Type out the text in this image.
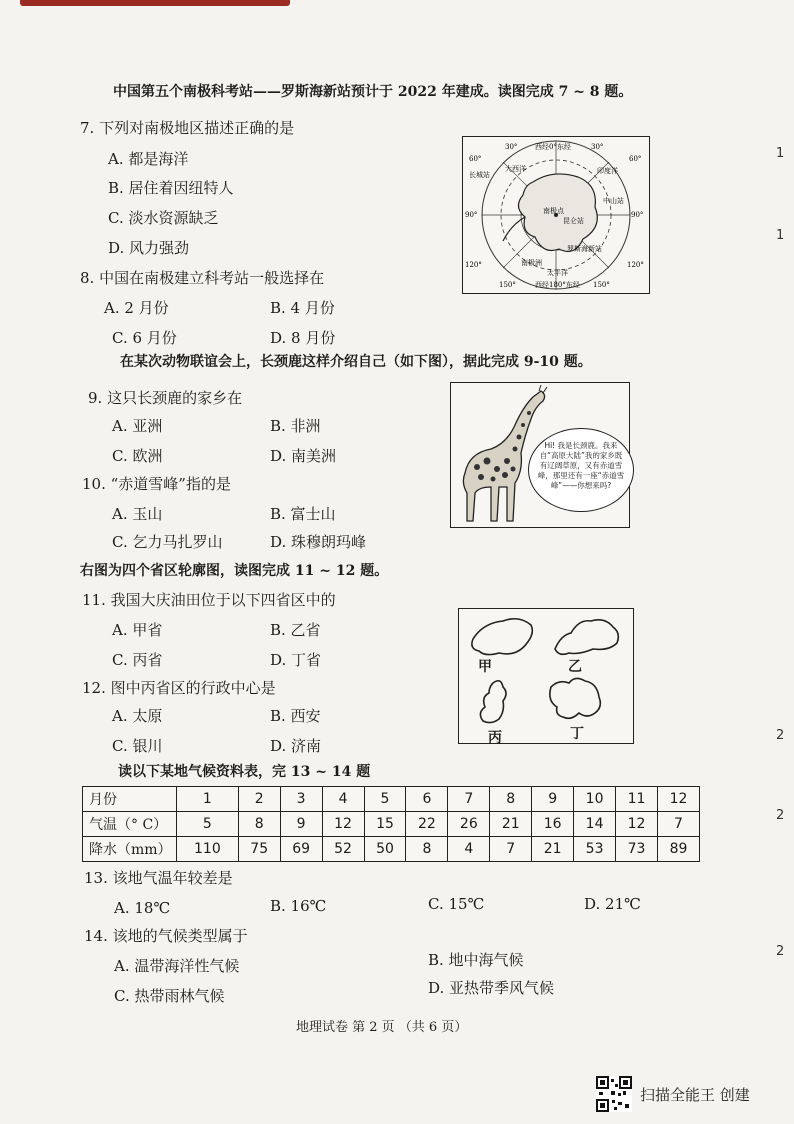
中国第五个南极科考站——罗斯海新站预计于 2022 年建成。读图完成 7 ~ 8 题。
7. 下列对南极地区描述正确的是
A. 都是海洋
B. 居住着因纽特人
C. 淡水资源缺乏
D. 风力强劲
西经0°东经
印度洋
大西洋
长城站
中山站
南极点
昆仑站
罗斯海新站
太平洋
西经180°东经
南极洲
30°	30°
60°	60°
90°	90°
120°	120°
150°	150°
8. 中国在南极建立科考站一般选择在
A. 2 月份	B. 4 月份
C. 6 月份	D. 8 月份
在某次动物联谊会上，长颈鹿这样介绍自己（如下图），据此完成 9-10 题。
9. 这只长颈鹿的家乡在
A. 亚洲	B. 非洲
C. 欧洲	D. 南美洲
Hi! 我是长颈鹿。我来自“高原大陆”我的家乡既有辽阔草原，又有赤道雪峰，那里还有一座“赤道雪峰”——你想来吗?
10. “赤道雪峰”指的是
A. 玉山	B. 富士山
C. 乞力马扎罗山	D. 珠穆朗玛峰
右图为四个省区轮廓图，读图完成 11 ~ 12 题。
11. 我国大庆油田位于以下四省区中的
A. 甲省	B. 乙省
C. 丙省	D. 丁省	甲	乙
丙	丁
12. 图中丙省区的行政中心是
A. 太原	B. 西安
C. 银川	D. 济南
读以下某地气候资料表，完 13 ~ 14 题
月份	1	2	3	4	5	6	7	8	9	10	11	12
气温（° C）	5	8	9	12	15	22	26	21	16	14	12	7
降水（mm）	110	75	69	52	50	8	4	7	21	53	73	89
13. 该地气温年较差是
A. 18℃	B. 16℃	C. 15℃	D. 21℃
14. 该地的气候类型属于
A. 温带海洋性气候	B. 地中海气候
C. 热带雨林气候	D. 亚热带季风气候
地理试卷 第 2 页 （共 6 页）
1
1
2
2
2
扫描全能王 创建
